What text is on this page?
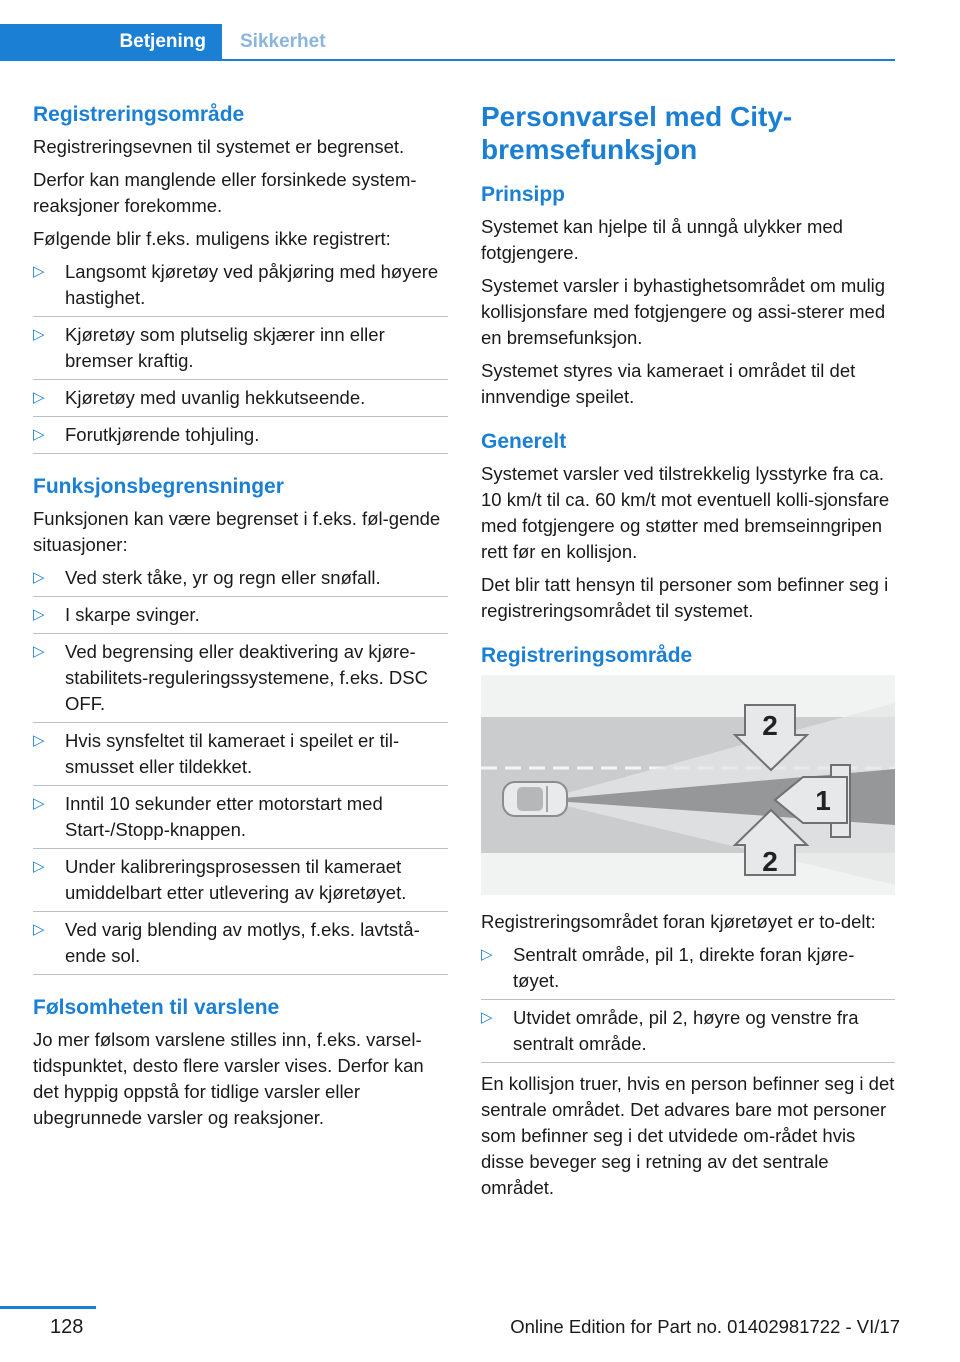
Betjening	Sikkerhet
Registreringsområde

Registreringsevnen til systemet er begrenset.

Derfor kan manglende eller forsinkede system-reaksjoner forekomme.

Følgende blir f.eks. muligens ikke registrert:

▷ Langsomt kjøretøy ved påkjøring med høyere hastighet.
▷ Kjøretøy som plutselig skjærer inn eller bremser kraftig.
▷ Kjøretøy med uvanlig hekkutseende.
▷ Forutkjørende tohjuling.
Funksjonsbegrensninger

Funksjonen kan være begrenset i f.eks. føl-gende situasjoner:

▷ Ved sterk tåke, yr og regn eller snøfall.
▷ I skarpe svinger.
▷ Ved begrensing eller deaktivering av kjøre-stabilitets-reguleringssystemene, f.eks. DSC OFF.
▷ Hvis synsfeltet til kameraet i speilet er til-smusset eller tildekket.
▷ Inntil 10 sekunder etter motorstart med Start-/Stopp-knappen.
▷ Under kalibreringsprosessen til kameraet umiddelbart etter utlevering av kjøretøyet.
▷ Ved varig blending av motlys, f.eks. lavtstå-ende sol.
Følsomheten til varslene

Jo mer følsom varslene stilles inn, f.eks. varsel-tidspunktet, desto flere varsler vises. Derfor kan det hyppig oppstå for tidlige varsler eller ubegrunnede varsler og reaksjoner.

Personvarsel med City-bremsefunksjon
Prinsipp

Systemet kan hjelpe til å unngå ulykker med fotgjengere.

Systemet varsler i byhastighetsområdet om mulig kollisjonsfare med fotgjengere og assi-sterer med en bremsefunksjon.

Systemet styres via kameraet i området til det innvendige speilet.

Generelt

Systemet varsler ved tilstrekkelig lysstyrke fra ca. 10 km/t til ca. 60 km/t mot eventuell kolli-sjonsfare med fotgjengere og støtter med bremseinngripen rett før en kollisjon.

Det blir tatt hensyn til personer som befinner seg i registreringsområdet til systemet.

Registreringsområde
2
1
2

Registreringsområdet foran kjøretøyet er to-delt:

▷ Sentralt område, pil 1, direkte foran kjøre-tøyet.
▷ Utvidet område, pil 2, høyre og venstre fra sentralt område.

En kollisjon truer, hvis en person befinner seg i det sentrale området. Det advares bare mot personer som befinner seg i det utvidede om-rådet hvis disse beveger seg i retning av det sentrale området.

128	Online Edition for Part no. 01402981722 - VI/17
